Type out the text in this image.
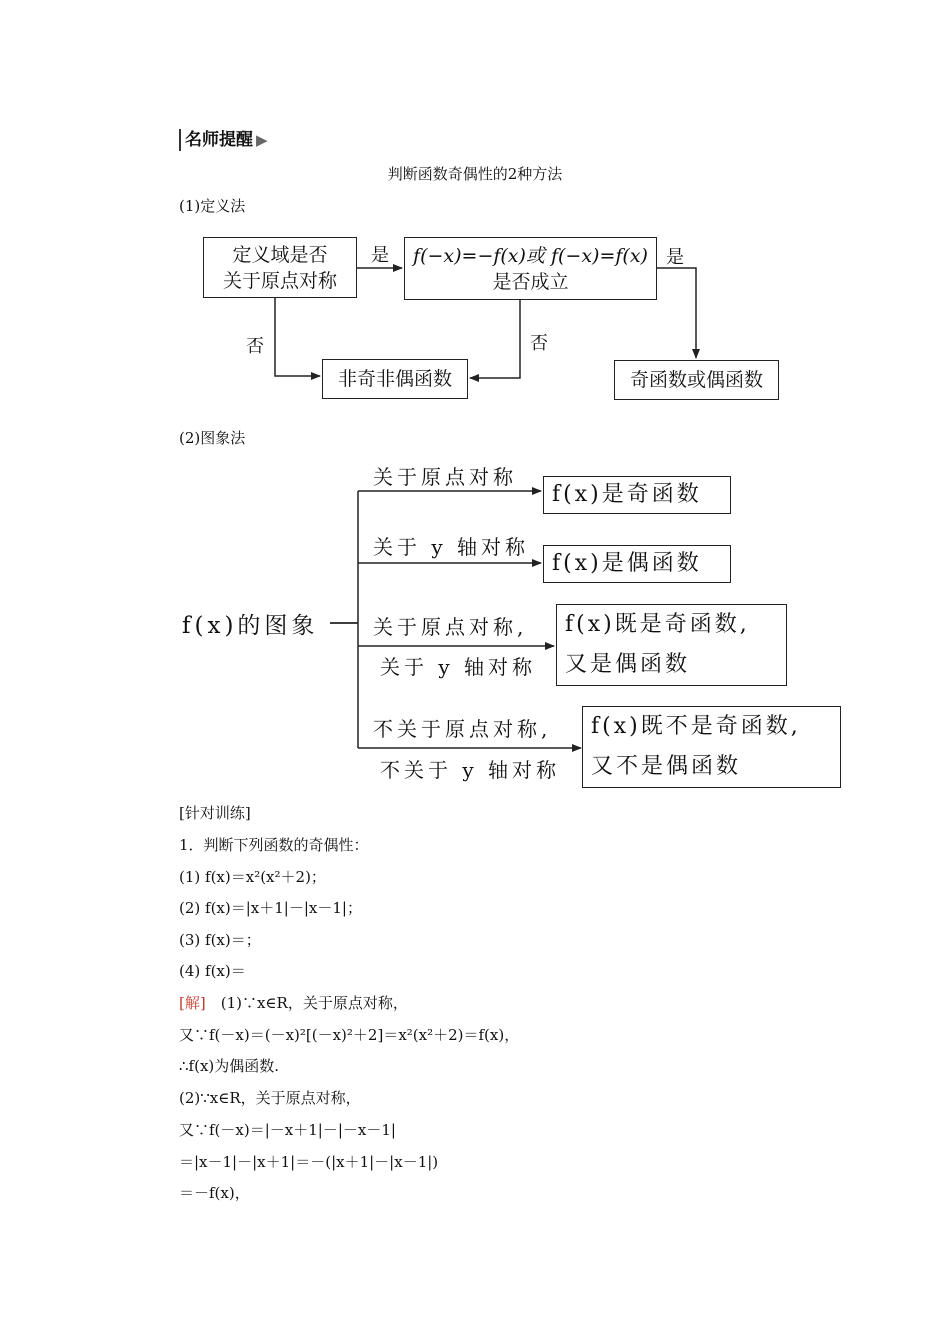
名师提醒 ▶
判断函数奇偶性的2种方法
(1)定义法
定义域是否
关于原点对称
f(−x)=−f(x)或 f(−x)=f(x)
是否成立
非奇非偶函数	奇函数或偶函数
是	是
否	否
(2)图象法
f(x)的图象
关于原点对称
f(x)是奇函数
关于 y 轴对称
f(x)是偶函数
关于原点对称,
关于 y 轴对称
f(x)既是奇函数,
又是偶函数
不关于原点对称,
不关于 y 轴对称
f(x)既不是奇函数,
又不是偶函数
[针对训练]
1．判断下列函数的奇偶性：
(1) f(x)＝x²(x²＋2)；
(2) f(x)＝|x＋1|－|x－1|；
(3) f(x)＝；
(4) f(x)＝
[解]　(1)∵x∈R，关于原点对称，
又∵f(－x)＝(－x)²[(－x)²＋2]＝x²(x²＋2)＝f(x)，
∴f(x)为偶函数.
(2)∵x∈R，关于原点对称，
又∵f(－x)＝|－x＋1|－|－x－1|
＝|x－1|－|x＋1|＝－(|x＋1|－|x－1|)
＝－f(x)，
